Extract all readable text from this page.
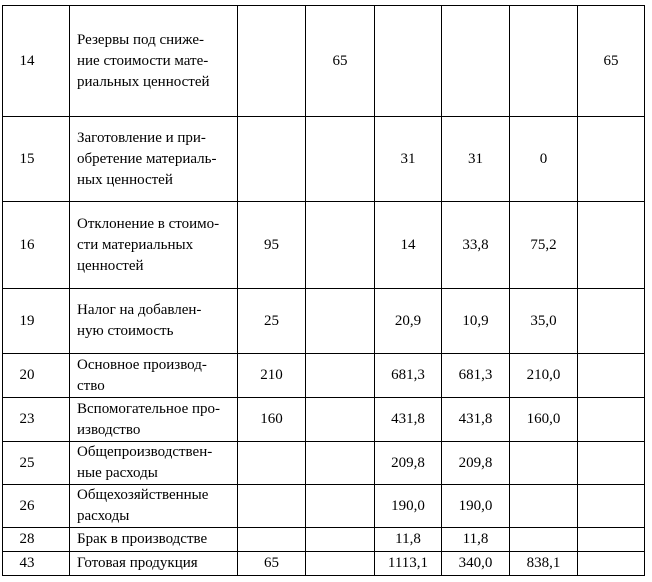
14	Резервы под сниже-
ние стоимости мате-
риальных ценностей		65				65
15	Заготовление и при-
обретение материаль-
ных ценностей			31	31	0	
16	Отклонение в стоимо-
сти материальных
ценностей	95		14	33,8	75,2	
19	Налог на добавлен-
ную стоимость	25		20,9	10,9	35,0	
20	Основное производ-
ство	210		681,3	681,3	210,0	
23	Вспомогательное про-
изводство	160		431,8	431,8	160,0	
25	Общепроизводствен-
ные расходы			209,8	209,8		
26	Общехозяйственные
расходы			190,0	190,0		
28	Брак в производстве			11,8	11,8		
43	Готовая продукция	65		1113,1	340,0	838,1	
